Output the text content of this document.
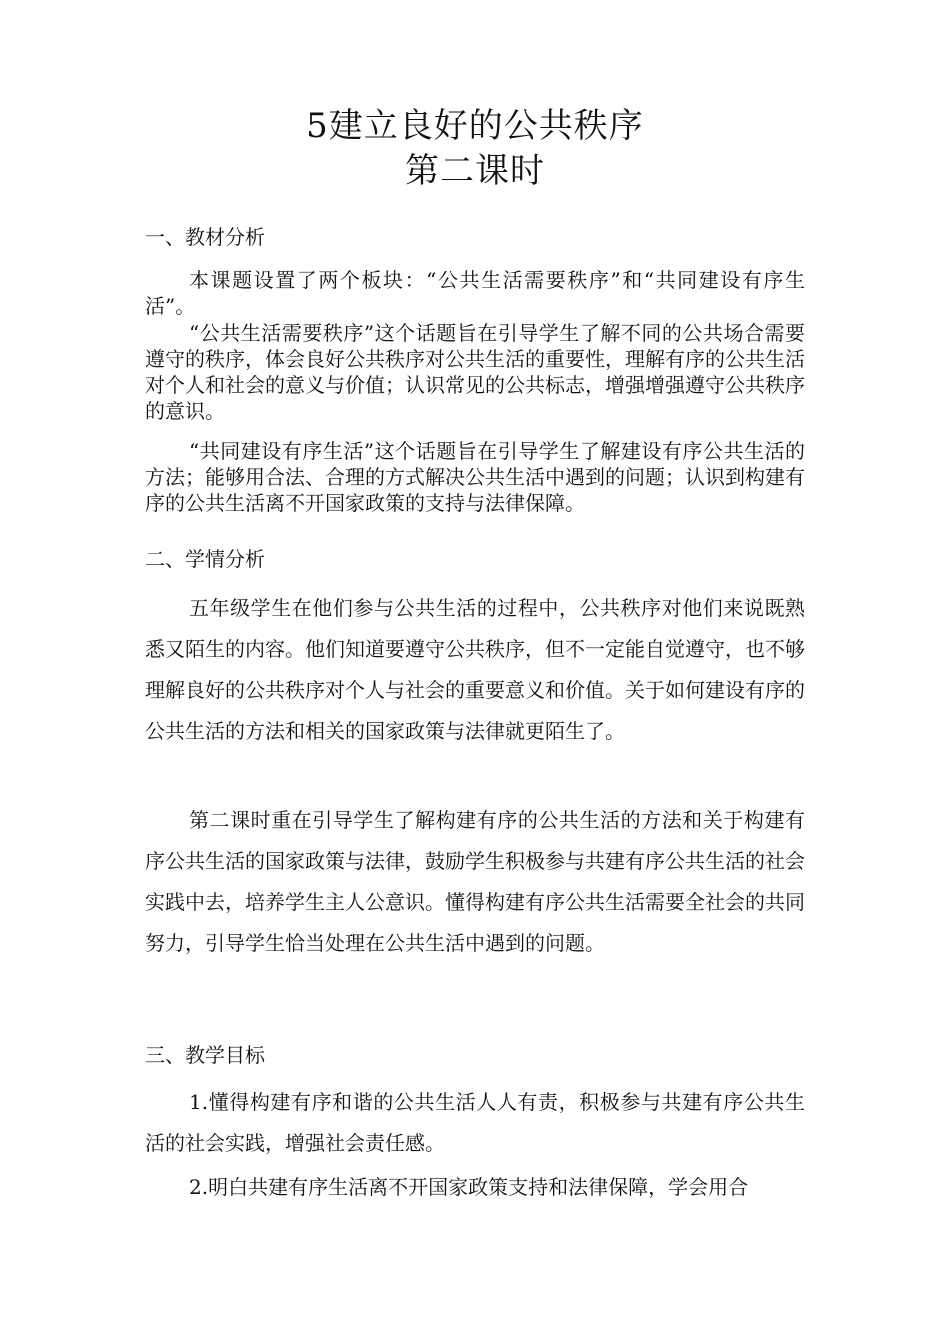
5建立良好的公共秩序
第二课时
一、教材分析

本课题设置了两个板块：“公共生活需要秩序”和“共同建设有序生活”。

“公共生活需要秩序”这个话题旨在引导学生了解不同的公共场合需要遵守的秩序，体会良好公共秩序对公共生活的重要性，理解有序的公共生活对个人和社会的意义与价值；认识常见的公共标志，增强增强遵守公共秩序的意识。

“共同建设有序生活”这个话题旨在引导学生了解建设有序公共生活的方法；能够用合法、合理的方式解决公共生活中遇到的问题；认识到构建有序的公共生活离不开国家政策的支持与法律保障。

二、学情分析

五年级学生在他们参与公共生活的过程中，公共秩序对他们来说既熟悉又陌生的内容。他们知道要遵守公共秩序，但不一定能自觉遵守，也不够理解良好的公共秩序对个人与社会的重要意义和价值。关于如何建设有序的公共生活的方法和相关的国家政策与法律就更陌生了。

第二课时重在引导学生了解构建有序的公共生活的方法和关于构建有序公共生活的国家政策与法律，鼓励学生积极参与共建有序公共生活的社会实践中去，培养学生主人公意识。懂得构建有序公共生活需要全社会的共同努力，引导学生恰当处理在公共生活中遇到的问题。

三、教学目标

1.懂得构建有序和谐的公共生活人人有责，积极参与共建有序公共生活的社会实践，增强社会责任感。

2.明白共建有序生活离不开国家政策支持和法律保障，学会用合
